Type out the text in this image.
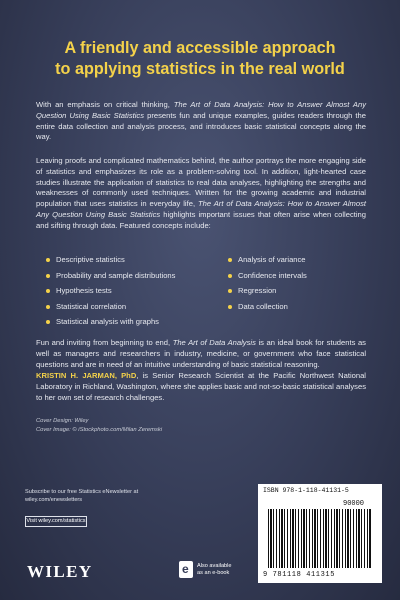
A friendly and accessible approach
to applying statistics in the real world

With an emphasis on critical thinking, The Art of Data Analysis: How to Answer Almost Any Question Using Basic Statistics presents fun and unique examples, guides readers through the entire data collection and analysis process, and introduces basic statistical concepts along the way.

Leaving proofs and complicated mathematics behind, the author portrays the more engaging side of statistics and emphasizes its role as a problem-solving tool. In addition, light-hearted case studies illustrate the application of statistics to real data analyses, highlighting the strengths and weaknesses of commonly used techniques. Written for the growing academic and industrial population that uses statistics in everyday life, The Art of Data Analysis: How to Answer Almost Any Question Using Basic Statistics highlights important issues that often arise when collecting and sifting through data. Featured concepts include:

Descriptive statistics
Probability and sample distributions
Hypothesis tests
Statistical correlation
Statistical analysis with graphs
Analysis of variance
Confidence intervals
Regression
Data collection

Fun and inviting from beginning to end, The Art of Data Analysis is an ideal book for students as well as managers and researchers in industry, medicine, or government who face statistical questions and are in need of an intuitive understanding of basic statistical reasoning.

KRISTIN H. JARMAN, PhD, is Senior Research Scientist at the Pacific Northwest National Laboratory in Richland, Washington, where she applies basic and not-so-basic statistical analyses to her own set of research challenges.

Cover Design: Wiley
Cover Image: © iStockphoto.com/Milan Zeremski
Subscribe to our free Statistics eNewsletter at
wiley.com/enewsletters
Visit wiley.com/statistics
WILEY
e	Also available
as an e-book
ISBN 978-1-118-41131-5
90000
9 781118 411315
